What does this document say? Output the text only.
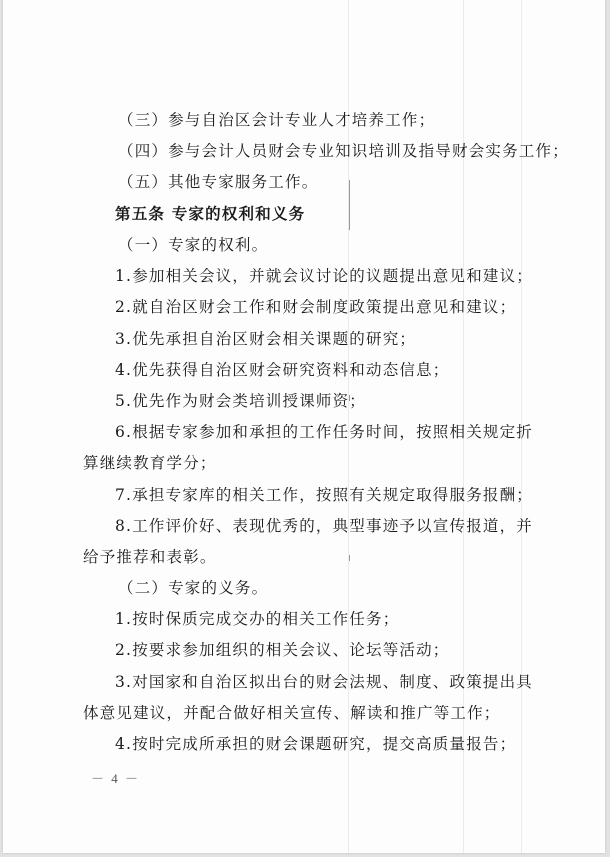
（三）参与自治区会计专业人才培养工作；
（四）参与会计人员财会专业知识培训及指导财会实务工作；
（五）其他专家服务工作。
第五条 专家的权利和义务
（一）专家的权利。
1.参加相关会议，并就会议讨论的议题提出意见和建议；
2.就自治区财会工作和财会制度政策提出意见和建议；
3.优先承担自治区财会相关课题的研究；
4.优先获得自治区财会研究资料和动态信息；
5.优先作为财会类培训授课师资；
6.根据专家参加和承担的工作任务时间，按照相关规定折
算继续教育学分；
7.承担专家库的相关工作，按照有关规定取得服务报酬；
8.工作评价好、表现优秀的，典型事迹予以宣传报道，并
给予推荐和表彰。
（二）专家的义务。
1.按时保质完成交办的相关工作任务；
2.按要求参加组织的相关会议、论坛等活动；
3.对国家和自治区拟出台的财会法规、制度、政策提出具
体意见建议，并配合做好相关宣传、解读和推广等工作；
4.按时完成所承担的财会课题研究，提交高质量报告；
－ 4 －
